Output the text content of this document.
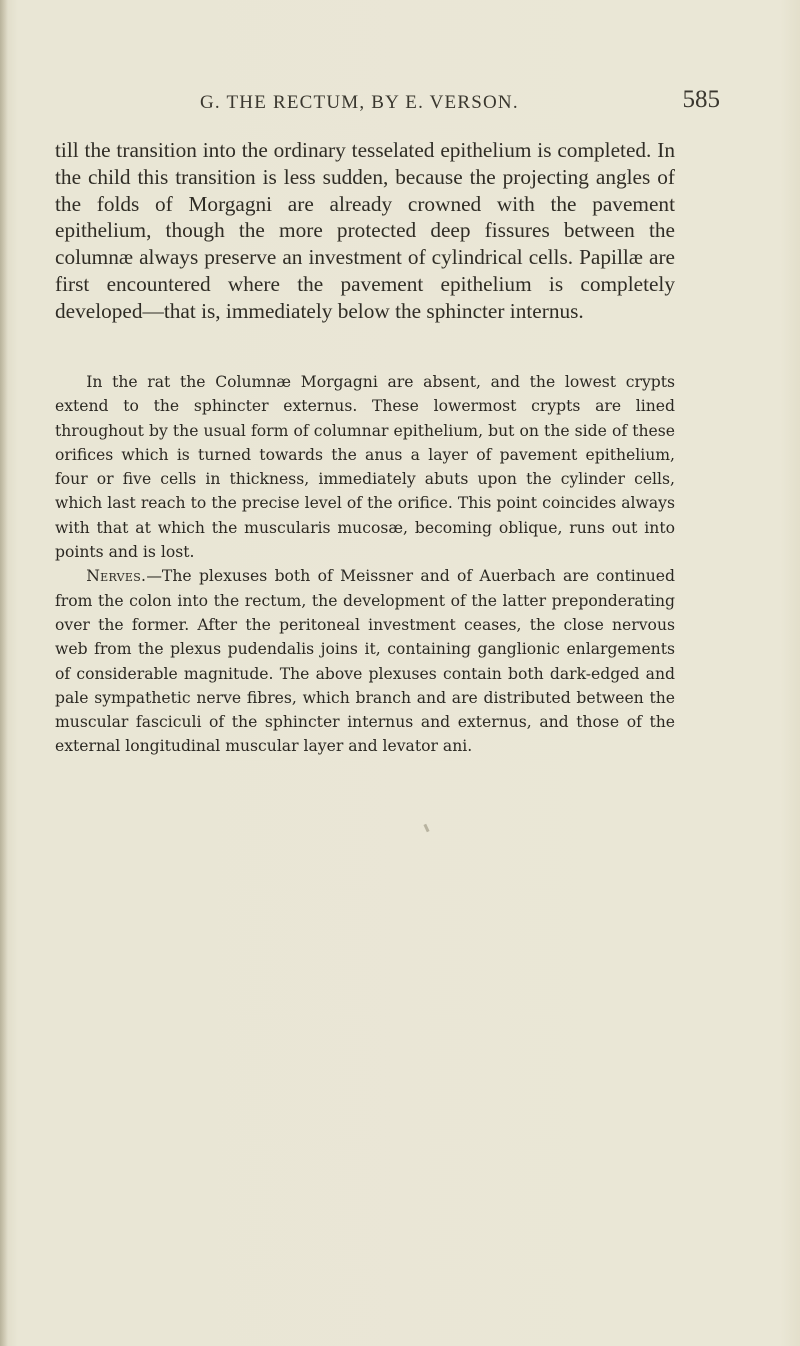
G. THE RECTUM, BY E. VERSON.	585

till the transition into the ordinary tesselated epithelium is completed. In the child this transition is less sudden, because the projecting angles of the folds of Morgagni are already crowned with the pavement epithelium, though the more protected deep fissures between the columnæ always preserve an investment of cylindrical cells. Papillæ are first encountered where the pavement epithelium is completely developed—that is, immediately below the sphincter internus.

In the rat the Columnæ Morgagni are absent, and the lowest crypts extend to the sphincter externus. These lowermost crypts are lined throughout by the usual form of columnar epithelium, but on the side of these orifices which is turned towards the anus a layer of pavement epithelium, four or five cells in thickness, immediately abuts upon the cylinder cells, which last reach to the precise level of the orifice. This point coincides always with that at which the muscularis mucosæ, becoming oblique, runs out into points and is lost.

Nerves.—The plexuses both of Meissner and of Auerbach are continued from the colon into the rectum, the development of the latter preponderating over the former. After the peritoneal investment ceases, the close nervous web from the plexus pudendalis joins it, containing ganglionic enlargements of considerable magnitude. The above plexuses contain both dark-edged and pale sympathetic nerve fibres, which branch and are distributed between the muscular fasciculi of the sphincter internus and externus, and those of the external longitudinal muscular layer and levator ani.
